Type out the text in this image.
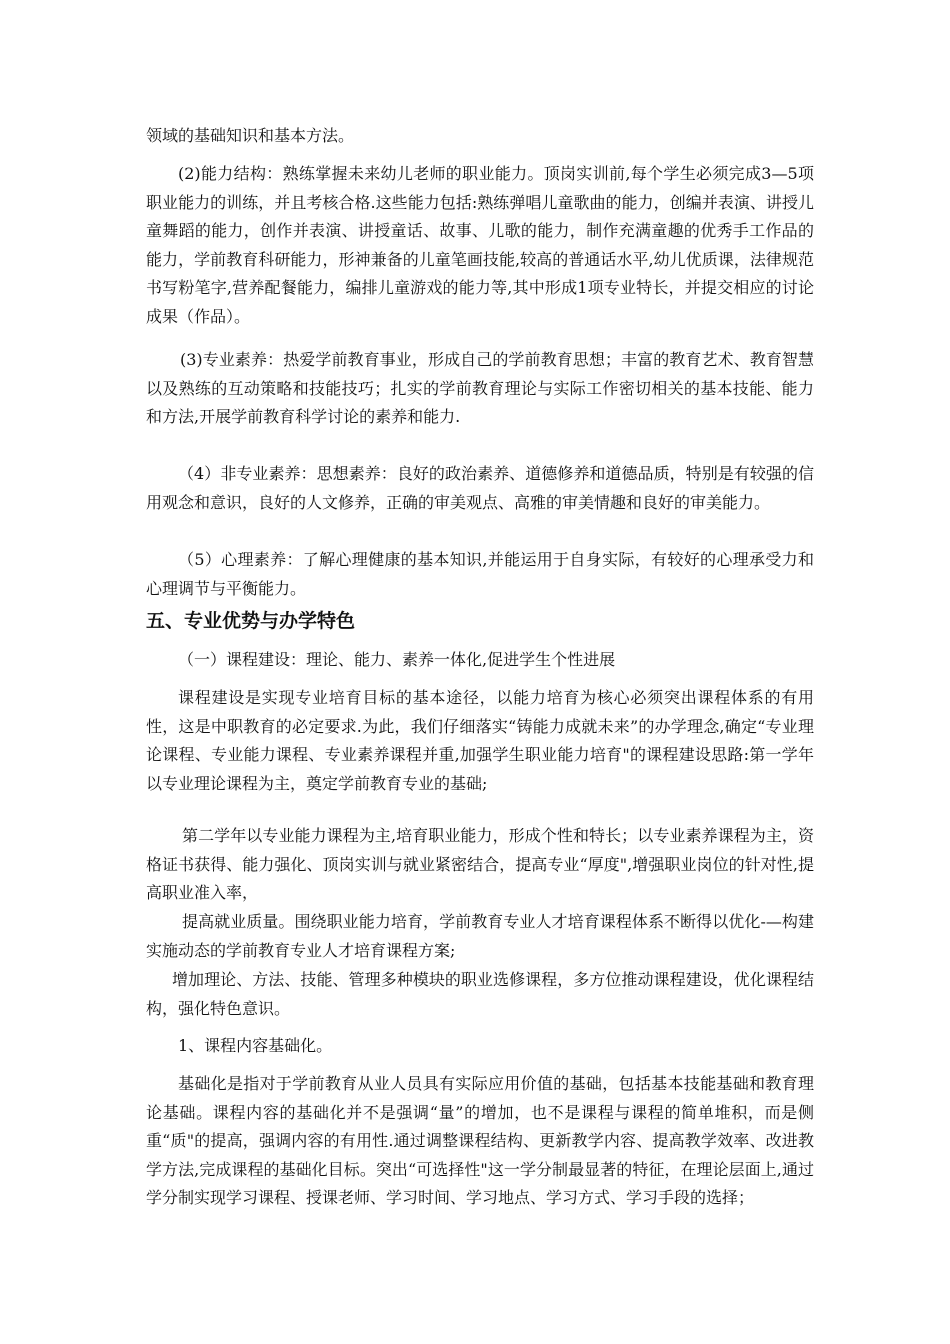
领域的基础知识和基本方法。

(2)能力结构：熟练掌握未来幼儿老师的职业能力。顶岗实训前,每个学生必须完成3—5项职业能力的训练，并且考核合格.这些能力包括:熟练弹唱儿童歌曲的能力，创编并表演、讲授儿童舞蹈的能力，创作并表演、讲授童话、故事、儿歌的能力，制作充满童趣的优秀手工作品的能力，学前教育科研能力，形神兼备的儿童笔画技能,较高的普通话水平,幼儿优质课，法律规范书写粉笔字,营养配餐能力，编排儿童游戏的能力等,其中形成1项专业特长，并提交相应的讨论成果（作品）。

(3)专业素养：热爱学前教育事业，形成自己的学前教育思想；丰富的教育艺术、教育智慧以及熟练的互动策略和技能技巧；扎实的学前教育理论与实际工作密切相关的基本技能、能力和方法,开展学前教育科学讨论的素养和能力.

（4）非专业素养：思想素养：良好的政治素养、道德修养和道德品质，特别是有较强的信用观念和意识，良好的人文修养，正确的审美观点、高雅的审美情趣和良好的审美能力。

（5）心理素养：了解心理健康的基本知识,并能运用于自身实际，有较好的心理承受力和心理调节与平衡能力。

五、专业优势与办学特色

（一）课程建设：理论、能力、素养一体化,促进学生个性进展

课程建设是实现专业培育目标的基本途径，以能力培育为核心必须突出课程体系的有用性，这是中职教育的必定要求.为此，我们仔细落实“铸能力成就未来”的办学理念,确定“专业理论课程、专业能力课程、专业素养课程并重,加强学生职业能力培育"的课程建设思路:第一学年以专业理论课程为主，奠定学前教育专业的基础;

第二学年以专业能力课程为主,培育职业能力，形成个性和特长；以专业素养课程为主，资格证书获得、能力强化、顶岗实训与就业紧密结合，提高专业“厚度",增强职业岗位的针对性,提高职业准入率，

提高就业质量。围绕职业能力培育，学前教育专业人才培育课程体系不断得以优化-—构建实施动态的学前教育专业人才培育课程方案;

增加理论、方法、技能、管理多种模块的职业选修课程，多方位推动课程建设，优化课程结构，强化特色意识。

1、课程内容基础化。

基础化是指对于学前教育从业人员具有实际应用价值的基础，包括基本技能基础和教育理论基础。课程内容的基础化并不是强调“量”的增加，也不是课程与课程的简单堆积，而是侧重“质"的提高，强调内容的有用性.通过调整课程结构、更新教学内容、提高教学效率、改进教学方法,完成课程的基础化目标。突出“可选择性"这一学分制最显著的特征，在理论层面上,通过学分制实现学习课程、授课老师、学习时间、学习地点、学习方式、学习手段的选择；
